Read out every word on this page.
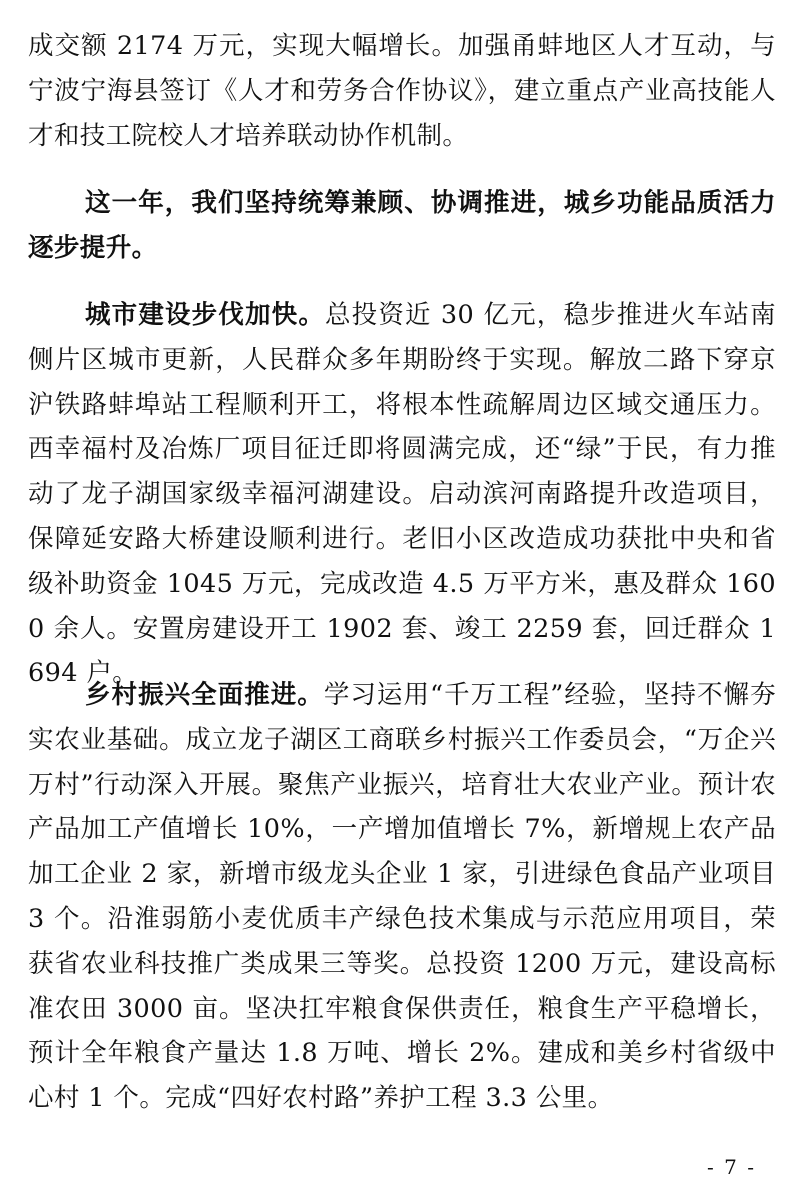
成交额 2174 万元，实现大幅增长。加强甬蚌地区人才互动，与宁波宁海县签订《人才和劳务合作协议》，建立重点产业高技能人才和技工院校人才培养联动协作机制。

这一年，我们坚持统筹兼顾、协调推进，城乡功能品质活力逐步提升。

城市建设步伐加快。总投资近 30 亿元，稳步推进火车站南侧片区城市更新，人民群众多年期盼终于实现。解放二路下穿京沪铁路蚌埠站工程顺利开工，将根本性疏解周边区域交通压力。西幸福村及冶炼厂项目征迁即将圆满完成，还“绿”于民，有力推动了龙子湖国家级幸福河湖建设。启动滨河南路提升改造项目，保障延安路大桥建设顺利进行。老旧小区改造成功获批中央和省级补助资金 1045 万元，完成改造 4.5 万平方米，惠及群众 1600 余人。安置房建设开工 1902 套、竣工 2259 套，回迁群众 1694 户。

乡村振兴全面推进。学习运用“千万工程”经验，坚持不懈夯实农业基础。成立龙子湖区工商联乡村振兴工作委员会，“万企兴万村”行动深入开展。聚焦产业振兴，培育壮大农业产业。预计农产品加工产值增长 10%，一产增加值增长 7%，新增规上农产品加工企业 2 家，新增市级龙头企业 1 家，引进绿色食品产业项目 3 个。沿淮弱筋小麦优质丰产绿色技术集成与示范应用项目，荣获省农业科技推广类成果三等奖。总投资 1200 万元，建设高标准农田 3000 亩。坚决扛牢粮食保供责任，粮食生产平稳增长，预计全年粮食产量达 1.8 万吨、增长 2%。建成和美乡村省级中心村 1 个。完成“四好农村路”养护工程 3.3 公里。

- 7 -
